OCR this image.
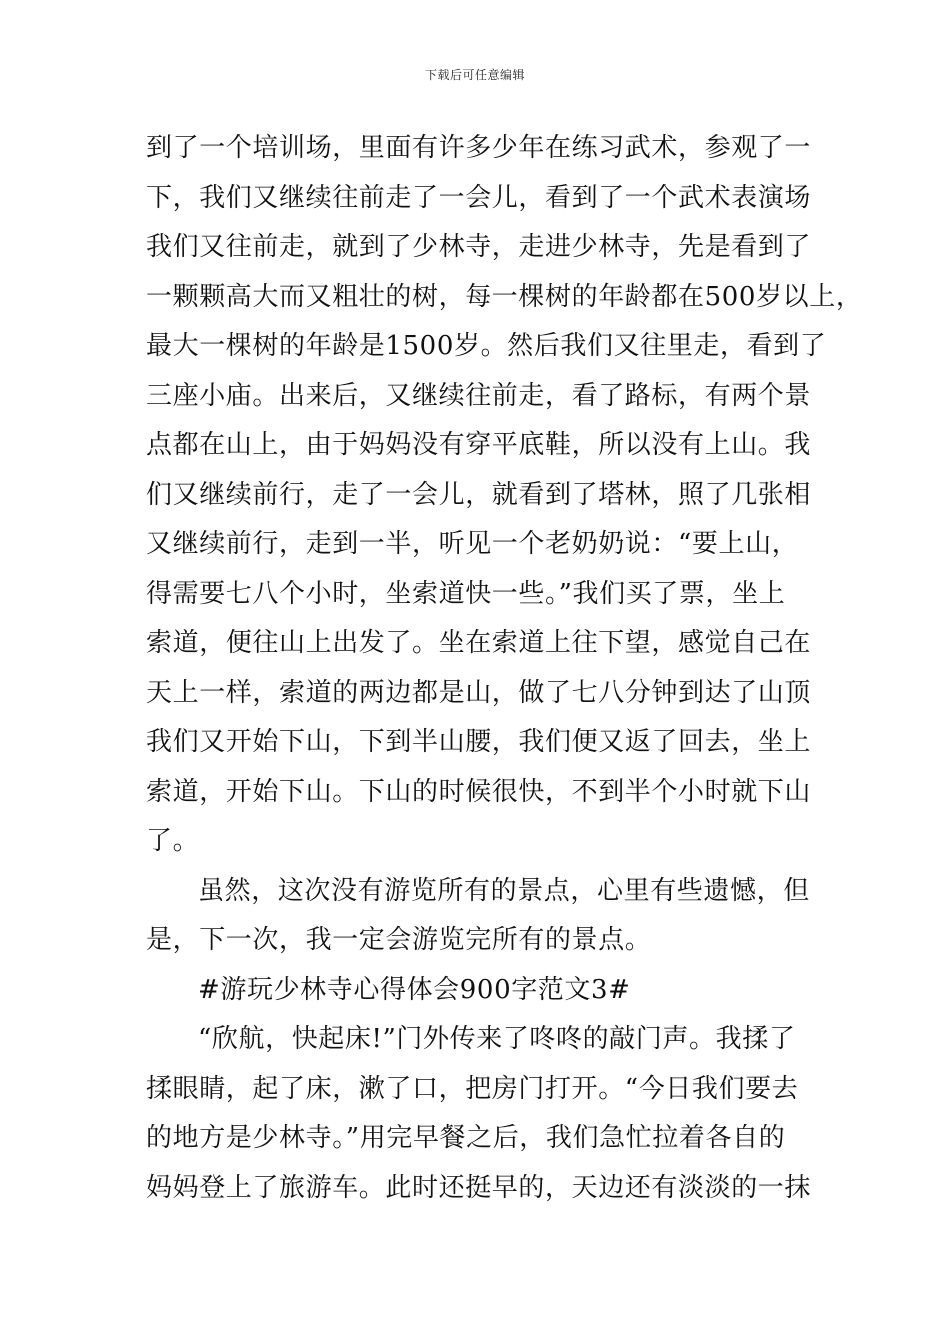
下载后可任意编辑
到了一个培训场，里面有许多少年在练习武术，参观了一
下，我们又继续往前走了一会儿，看到了一个武术表演场
我们又往前走，就到了少林寺，走进少林寺，先是看到了
一颗颗高大而又粗壮的树，每一棵树的年龄都在500岁以上，
最大一棵树的年龄是1500岁。然后我们又往里走，看到了
三座小庙。出来后，又继续往前走，看了路标，有两个景
点都在山上，由于妈妈没有穿平底鞋，所以没有上山。我
们又继续前行，走了一会儿，就看到了塔林，照了几张相
又继续前行，走到一半，听见一个老奶奶说：“要上山，
得需要七八个小时，坐索道快一些。”我们买了票，坐上
索道，便往山上出发了。坐在索道上往下望，感觉自己在
天上一样，索道的两边都是山，做了七八分钟到达了山顶
我们又开始下山，下到半山腰，我们便又返了回去，坐上
索道，开始下山。下山的时候很快，不到半个小时就下山
了。
虽然，这次没有游览所有的景点，心里有些遗憾，但
是，下一次，我一定会游览完所有的景点。
#游玩少林寺心得体会900字范文3#
“欣航，快起床!”门外传来了咚咚的敲门声。我揉了
揉眼睛，起了床，漱了口，把房门打开。“今日我们要去
的地方是少林寺。”用完早餐之后，我们急忙拉着各自的
妈妈登上了旅游车。此时还挺早的，天边还有淡淡的一抹
